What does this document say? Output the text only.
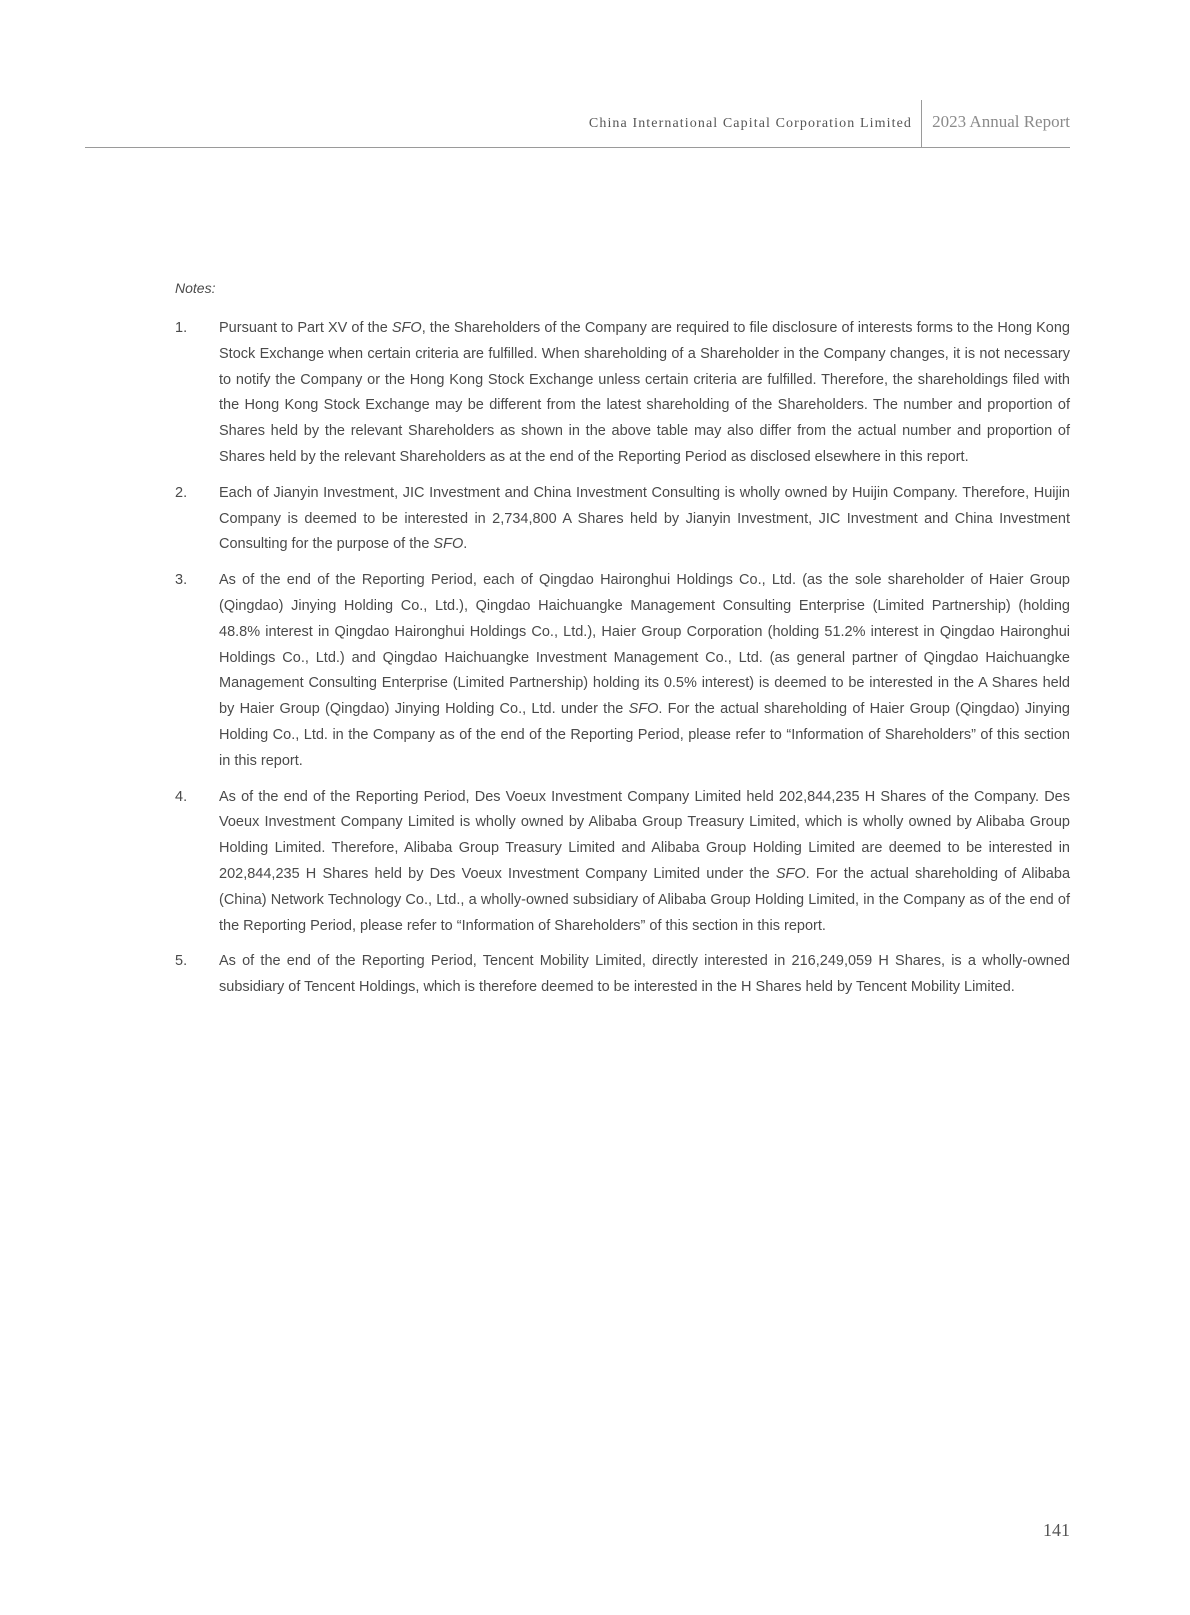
China International Capital Corporation Limited 2023 Annual Report
Notes:
1. Pursuant to Part XV of the SFO, the Shareholders of the Company are required to file disclosure of interests forms to the Hong Kong Stock Exchange when certain criteria are fulfilled. When shareholding of a Shareholder in the Company changes, it is not necessary to notify the Company or the Hong Kong Stock Exchange unless certain criteria are fulfilled. Therefore, the shareholdings filed with the Hong Kong Stock Exchange may be different from the latest shareholding of the Shareholders. The number and proportion of Shares held by the relevant Shareholders as shown in the above table may also differ from the actual number and proportion of Shares held by the relevant Shareholders as at the end of the Reporting Period as disclosed elsewhere in this report.
2. Each of Jianyin Investment, JIC Investment and China Investment Consulting is wholly owned by Huijin Company. Therefore, Huijin Company is deemed to be interested in 2,734,800 A Shares held by Jianyin Investment, JIC Investment and China Investment Consulting for the purpose of the SFO.
3. As of the end of the Reporting Period, each of Qingdao Haironghui Holdings Co., Ltd. (as the sole shareholder of Haier Group (Qingdao) Jinying Holding Co., Ltd.), Qingdao Haichuangke Management Consulting Enterprise (Limited Partnership) (holding 48.8% interest in Qingdao Haironghui Holdings Co., Ltd.), Haier Group Corporation (holding 51.2% interest in Qingdao Haironghui Holdings Co., Ltd.) and Qingdao Haichuangke Investment Management Co., Ltd. (as general partner of Qingdao Haichuangke Management Consulting Enterprise (Limited Partnership) holding its 0.5% interest) is deemed to be interested in the A Shares held by Haier Group (Qingdao) Jinying Holding Co., Ltd. under the SFO. For the actual shareholding of Haier Group (Qingdao) Jinying Holding Co., Ltd. in the Company as of the end of the Reporting Period, please refer to “Information of Shareholders” of this section in this report.
4. As of the end of the Reporting Period, Des Voeux Investment Company Limited held 202,844,235 H Shares of the Company. Des Voeux Investment Company Limited is wholly owned by Alibaba Group Treasury Limited, which is wholly owned by Alibaba Group Holding Limited. Therefore, Alibaba Group Treasury Limited and Alibaba Group Holding Limited are deemed to be interested in 202,844,235 H Shares held by Des Voeux Investment Company Limited under the SFO. For the actual shareholding of Alibaba (China) Network Technology Co., Ltd., a wholly-owned subsidiary of Alibaba Group Holding Limited, in the Company as of the end of the Reporting Period, please refer to “Information of Shareholders” of this section in this report.
5. As of the end of the Reporting Period, Tencent Mobility Limited, directly interested in 216,249,059 H Shares, is a wholly-owned subsidiary of Tencent Holdings, which is therefore deemed to be interested in the H Shares held by Tencent Mobility Limited.
141
